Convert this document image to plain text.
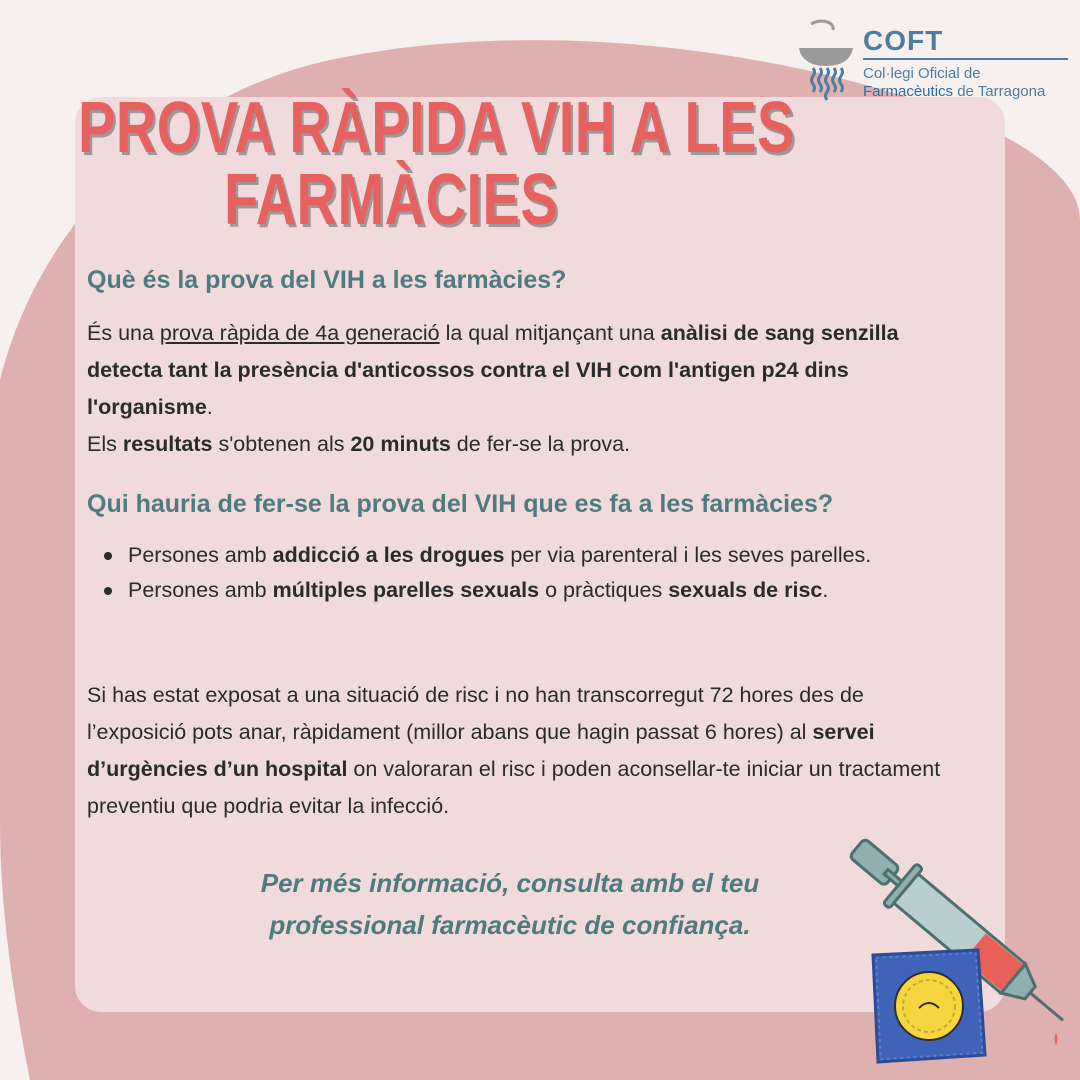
COFT
Col·legi Oficial de
Farmacèutics de Tarragona
PROVA RÀPIDA VIH A LES
FARMÀCIES
Què és la prova del VIH a les farmàcies?

És una prova ràpida de 4a generació la qual mitjançant una anàlisi de sang senzilla detecta tant la presència d'anticossos contra el VIH com l'antigen p24 dins l'organisme.
Els resultats s'obtenen als 20 minuts de fer-se la prova.

Qui hauria de fer-se la prova del VIH que es fa a les farmàcies?
Persones amb addicció a les drogues per via parenteral i les seves parelles.
Persones amb múltiples parelles sexuals o pràctiques sexuals de risc.

Si has estat exposat a una situació de risc i no han transcorregut 72 hores des de l’exposició pots anar, ràpidament (millor abans que hagin passat 6 hores) al servei d’urgències d’un hospital on valoraran el risc i poden aconsellar-te iniciar un tractament preventiu que podria evitar la infecció.

Per més informació, consulta amb el teu professional farmacèutic de confiança.
